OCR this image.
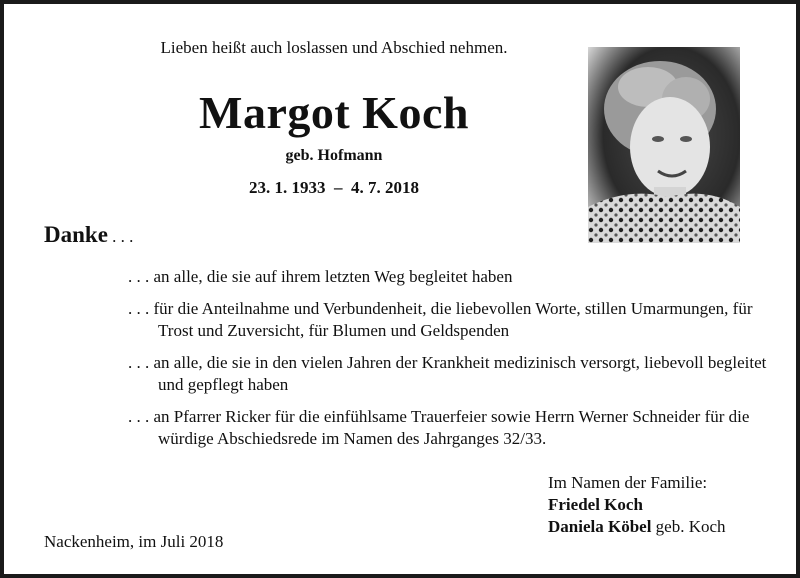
Lieben heißt auch loslassen und Abschied nehmen.
Margot Koch
geb. Hofmann
23. 1. 1933  –  4. 7. 2018
Danke . . .
. . . an alle, die sie auf ihrem letzten Weg begleitet haben
. . . für die Anteilnahme und Verbundenheit, die liebevollen Worte, stillen Umarmungen, für Trost und Zuversicht, für Blumen und Geldspenden
. . . an alle, die sie in den vielen Jahren der Krankheit medizinisch versorgt, liebevoll begleitet und gepflegt haben
. . . an Pfarrer Ricker für die einfühlsame Trauerfeier sowie Herrn Werner Schneider für die würdige Abschiedsrede im Namen des Jahrganges 32/33.
Im Namen der Familie:
Friedel Koch
Daniela Köbel geb. Koch
Nackenheim, im Juli 2018
